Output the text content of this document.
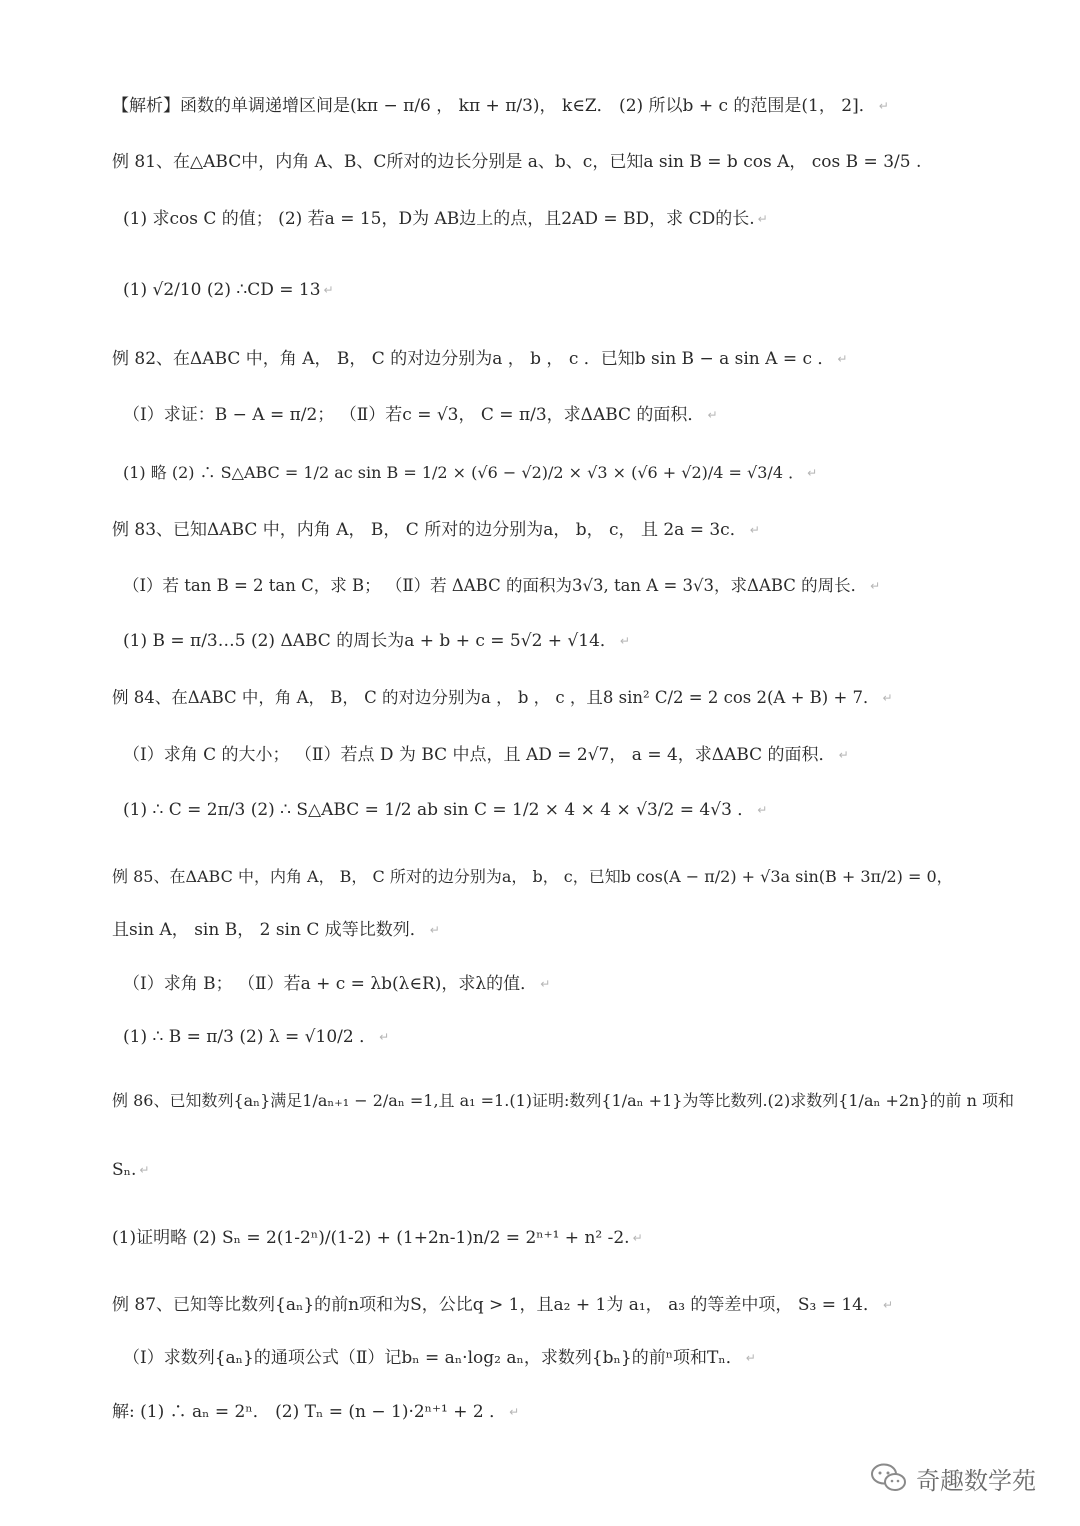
【解析】函数的单调递增区间是(kπ − π/6 ， kπ + π/3)， k∈Z． (2) 所以b + c 的范围是(1， 2]． ↵
例 81、在△ABC中，内角 A、B、C所对的边长分别是 a、b、c，已知a sin B = b cos A， cos B = 3/5 .
(1) 求cos C 的值； (2) 若a = 15，D为 AB边上的点，且2AD = BD，求 CD的长. ↵
(1) √2/10 (2) ∴CD = 13 ↵
例 82、在ΔABC 中，角 A， B， C 的对边分别为a ， b ， c ．已知b sin B − a sin A = c ． ↵
（Ⅰ）求证：B − A = π/2； （Ⅱ）若c = √3， C = π/3，求ΔABC 的面积． ↵
(1) 略 (2) ∴ S△ABC = 1/2 ac sin B = 1/2 × (√6 − √2)/2 × √3 × (√6 + √2)/4 = √3/4 ． ↵
例 83、已知ΔABC 中，内角 A， B， C 所对的边分别为a， b， c， 且 2a = 3c． ↵
（Ⅰ）若 tan B = 2 tan C，求 B； （Ⅱ）若 ΔABC 的面积为3√3, tan A = 3√3，求ΔABC 的周长． ↵
(1) B = π/3…5 (2) ΔABC 的周长为a + b + c = 5√2 + √14． ↵
例 84、在ΔABC 中，角 A， B， C 的对边分别为a ， b ， c ，且8 sin² C/2 = 2 cos 2(A + B) + 7． ↵
（Ⅰ）求角 C 的大小； （Ⅱ）若点 D 为 BC 中点，且 AD = 2√7， a = 4，求ΔABC 的面积． ↵
(1) ∴ C = 2π/3 (2) ∴ S△ABC = 1/2 ab sin C = 1/2 × 4 × 4 × √3/2 = 4√3 ． ↵
例 85、在ΔABC 中，内角 A， B， C 所对的边分别为a， b， c，已知b cos(A − π/2) + √3a sin(B + 3π/2) = 0，
且sin A， sin B， 2 sin C 成等比数列． ↵
（Ⅰ）求角 B； （Ⅱ）若a + c = λb(λ∈R)，求λ的值． ↵
(1) ∴ B = π/3 (2) λ = √10/2 ． ↵
例 86、已知数列{aₙ}满足1/aₙ₊₁ − 2/aₙ =1,且 a₁ =1.(1)证明:数列{1/aₙ +1}为等比数列.(2)求数列{1/aₙ +2n}的前 n 项和
Sₙ. ↵
(1)证明略 (2) Sₙ = 2(1-2ⁿ)/(1-2) + (1+2n-1)n/2 = 2ⁿ⁺¹ + n² -2. ↵
例 87、已知等比数列{aₙ}的前n项和为S，公比q > 1，且a₂ + 1为 a₁， a₃ 的等差中项， S₃ = 14． ↵
（Ⅰ）求数列{aₙ}的通项公式（Ⅱ）记bₙ = aₙ·log₂ aₙ，求数列{bₙ}的前ⁿ项和Tₙ． ↵
解: (1) ∴ aₙ = 2ⁿ． (2) Tₙ = (n − 1)·2ⁿ⁺¹ + 2 ． ↵
奇趣数学苑
